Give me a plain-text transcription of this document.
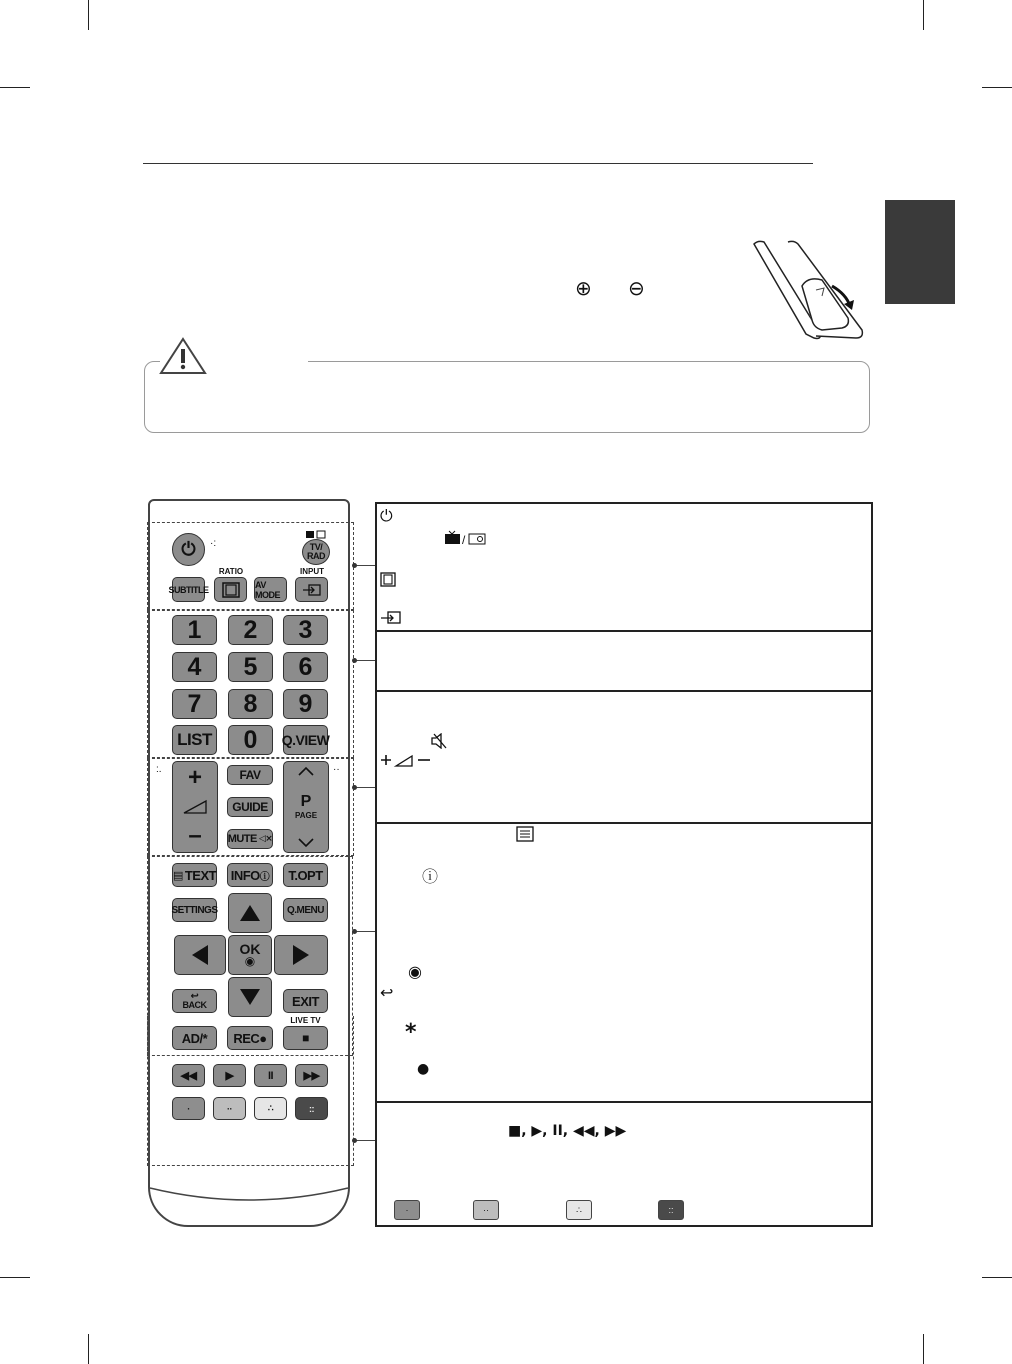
⊕ ⊖
⏻ ·:	TV/
RAD
SUBTITLE
RATIO
AV MODE
INPUT
1 2 3
4 5 6
7 8 9
LIST 0 Q.VIEW
:. +
–
FAV
GUIDE
MUTE ◁×
P
PAGE
··
▤ TEXT INFO ⓘ T.OPT
SETTINGS	Q.MENU
OK
◉
↩
BACK	EXIT
AD/* REC●
LIVE TV
■
◀◀	▶	II	▶▶
·	··	∴	::
⏻
/
ⓘ
◉
↩
*
●
■, ▶, II, ◀◀, ▶▶
·	··	∴	::
